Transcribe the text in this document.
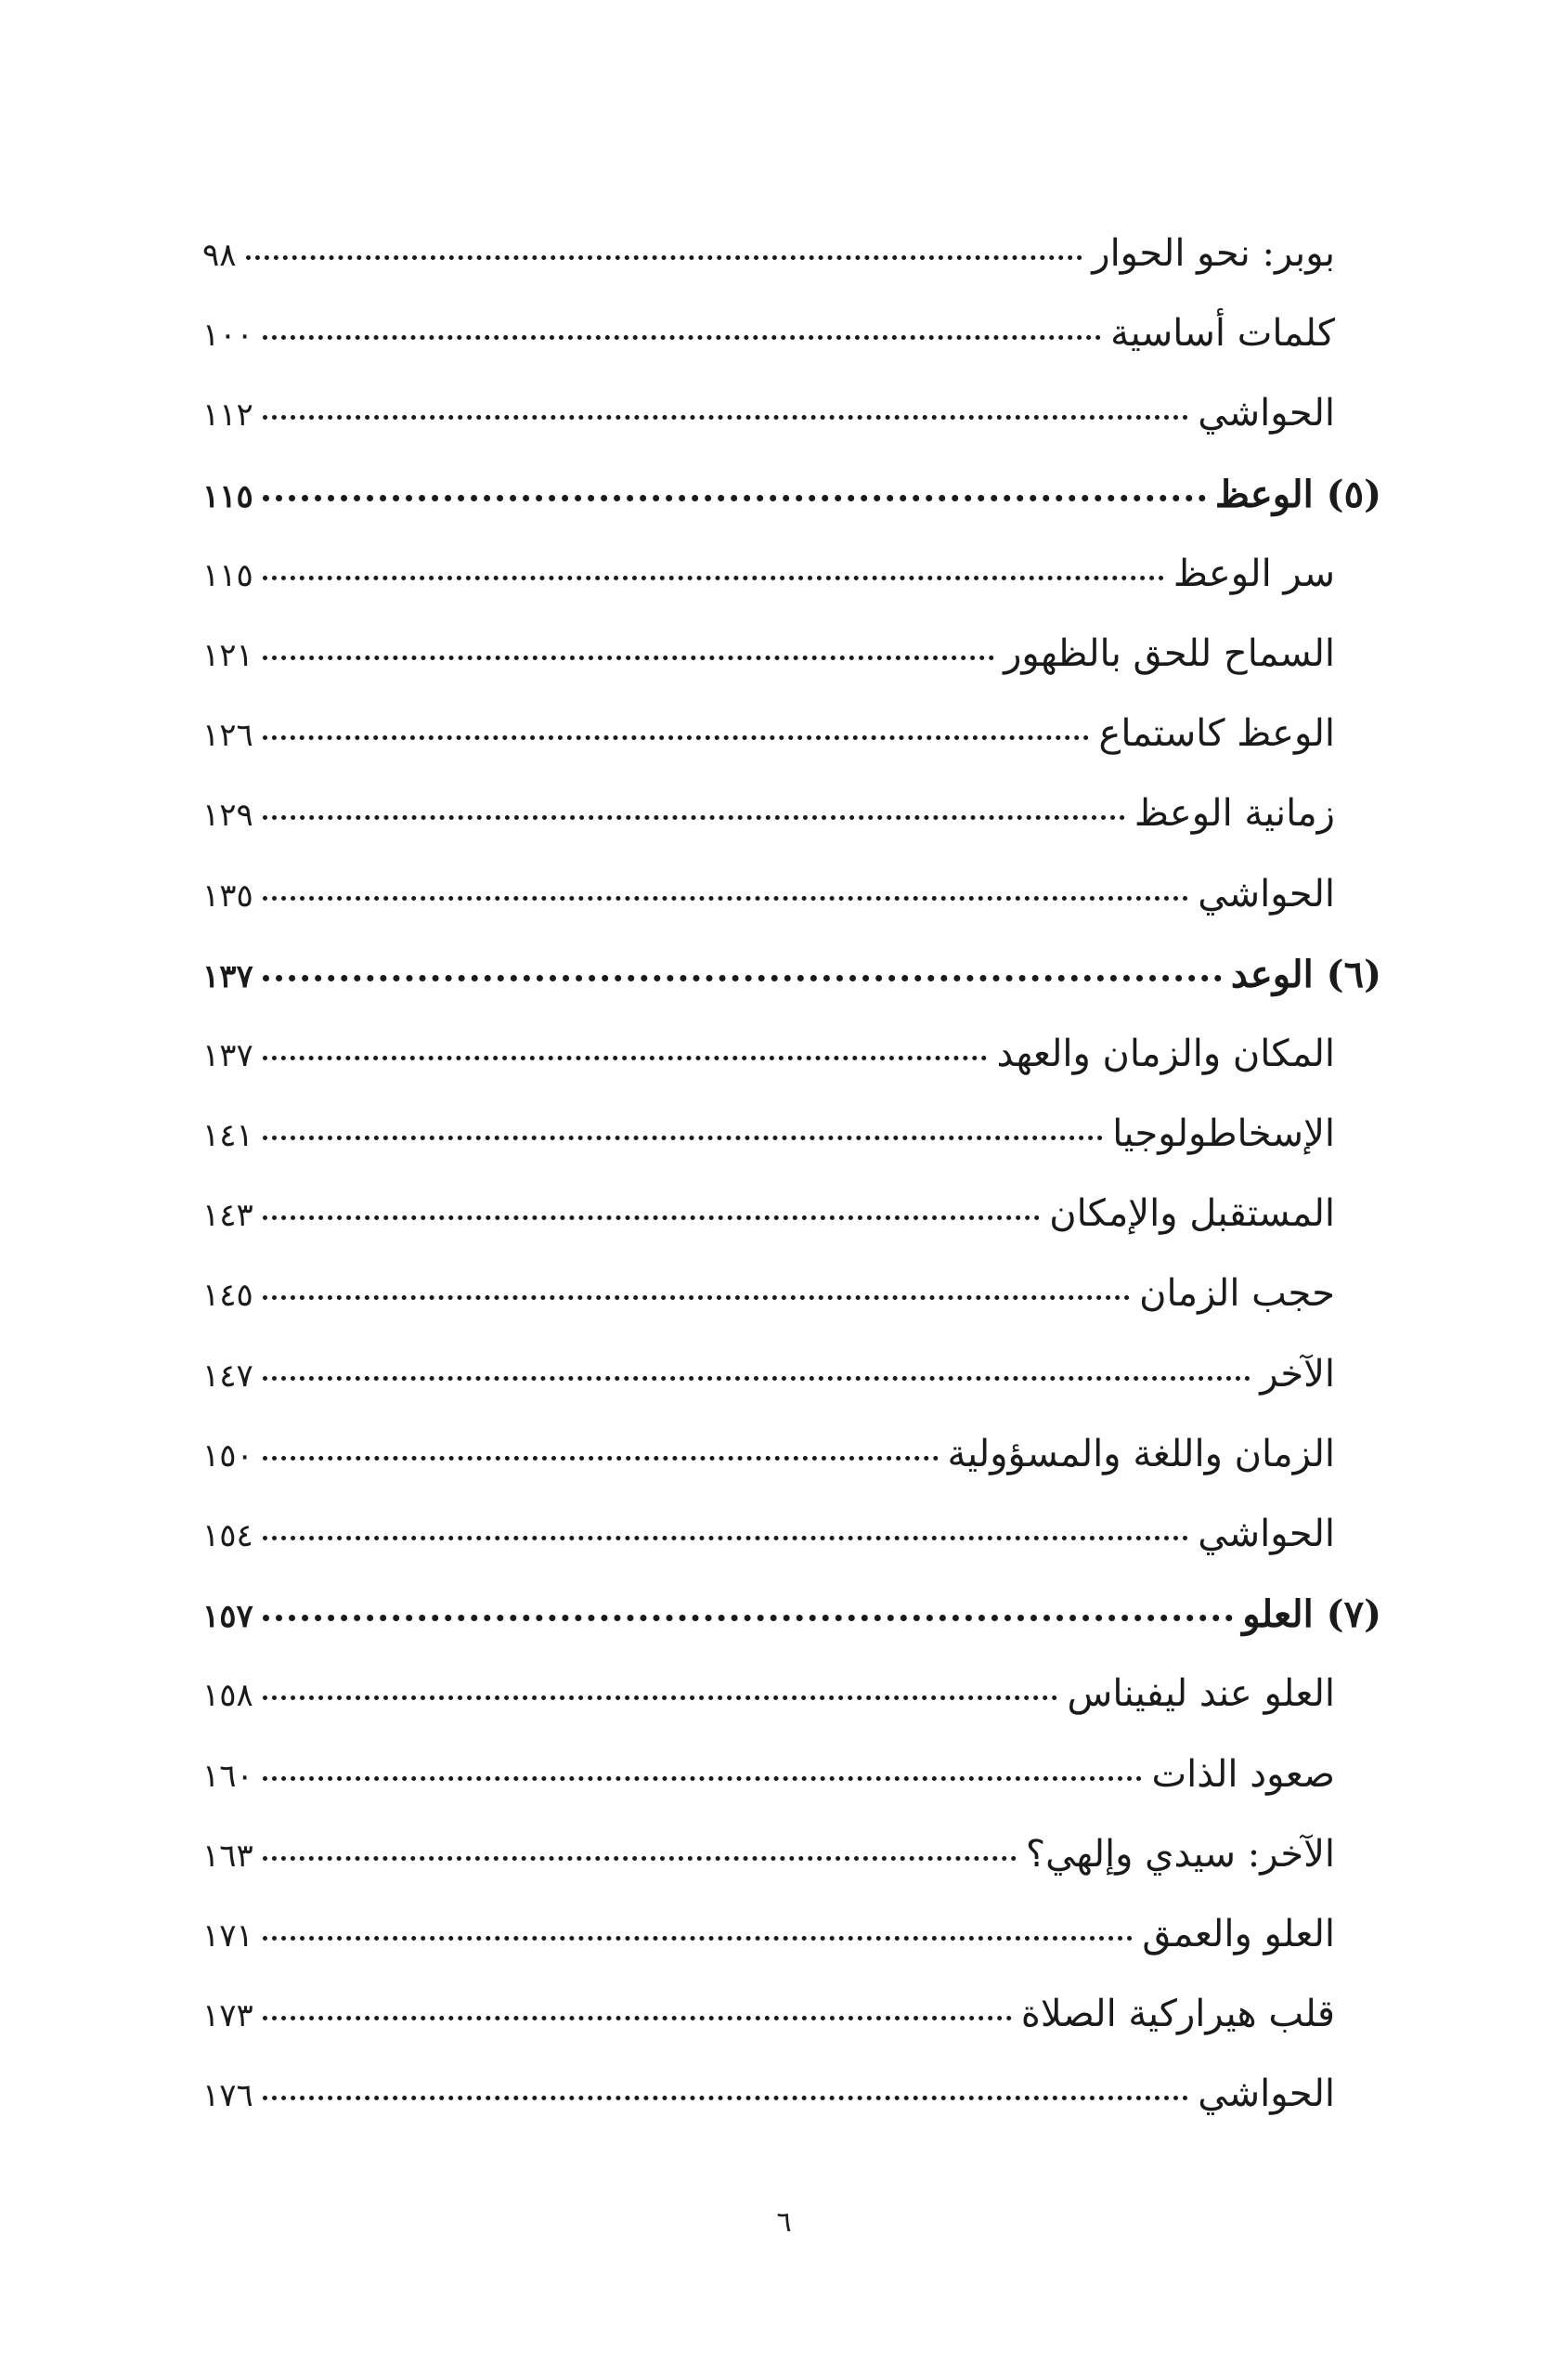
بوبر: نحو الحوار
٩٨
كلمات أساسية
١٠٠
الحواشي
١١٢
(٥) الوعظ
١١٥
سر الوعظ
١١٥
السماح للحق بالظهور
١٢١
الوعظ كاستماع
١٢٦
زمانية الوعظ
١٢٩
الحواشي
١٣٥
(٦) الوعد
١٣٧
المكان والزمان والعهد
١٣٧
الإسخاطولوجيا
١٤١
المستقبل والإمكان
١٤٣
حجب الزمان
١٤٥
الآخر
١٤٧
الزمان واللغة والمسؤولية
١٥٠
الحواشي
١٥٤
(٧) العلو
١٥٧
العلو عند ليفيناس
١٥٨
صعود الذات
١٦٠
الآخر: سيدي وإلهي؟
١٦٣
العلو والعمق
١٧١
قلب هيراركية الصلاة
١٧٣
الحواشي
١٧٦
٦
